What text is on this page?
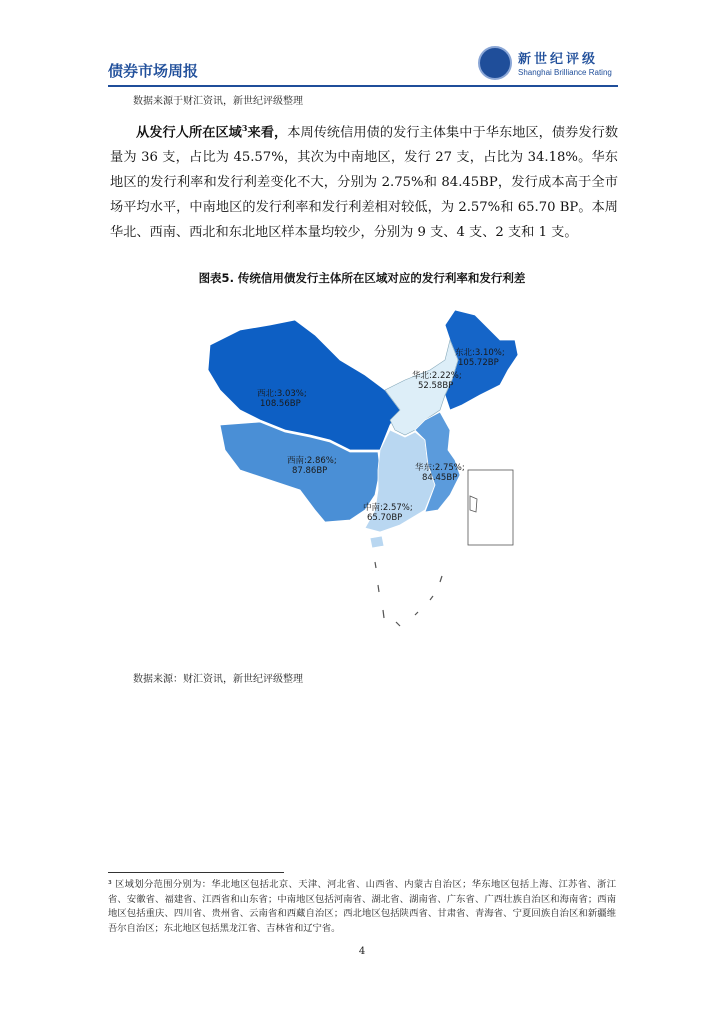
债券市场周报
新世纪评级
Shanghai Brilliance Rating
数据来源于财汇资讯，新世纪评级整理
从发行人所在区域$^3$来看，本周传统信用债的发行主体集中于华东地区，债券发行数量为 36 支，占比为 45.57%，其次为中南地区，发行 27 支，占比为 34.18%。华东地区的发行利率和发行利差变化不大，分别为 2.75%和 84.45BP，发行成本高于全市场平均水平，中南地区的发行利率和发行利差相对较低，为 2.57%和 65.70 BP。本周华北、西南、西北和东北地区样本量均较少，分别为 9 支、4 支、2 支和 1 支。
图表5. 传统信用债发行主体所在区域对应的发行利率和发行利差
东北:3.10%;
105.72BP
华北:2.22%;
52.58BP
西北:3.03%;
108.56BP
西南:2.86%;
87.86BP	华东:2.75%;
84.45BP
中南:2.57%;
65.70BP
数据来源：财汇资讯，新世纪评级整理
³ 区域划分范围分别为：华北地区包括北京、天津、河北省、山西省、内蒙古自治区；华东地区包括上海、江苏省、浙江省、安徽省、福建省、江西省和山东省；中南地区包括河南省、湖北省、湖南省、广东省、广西壮族自治区和海南省；西南地区包括重庆、四川省、贵州省、云南省和西藏自治区；西北地区包括陕西省、甘肃省、青海省、宁夏回族自治区和新疆维吾尔自治区；东北地区包括黑龙江省、吉林省和辽宁省。
4
